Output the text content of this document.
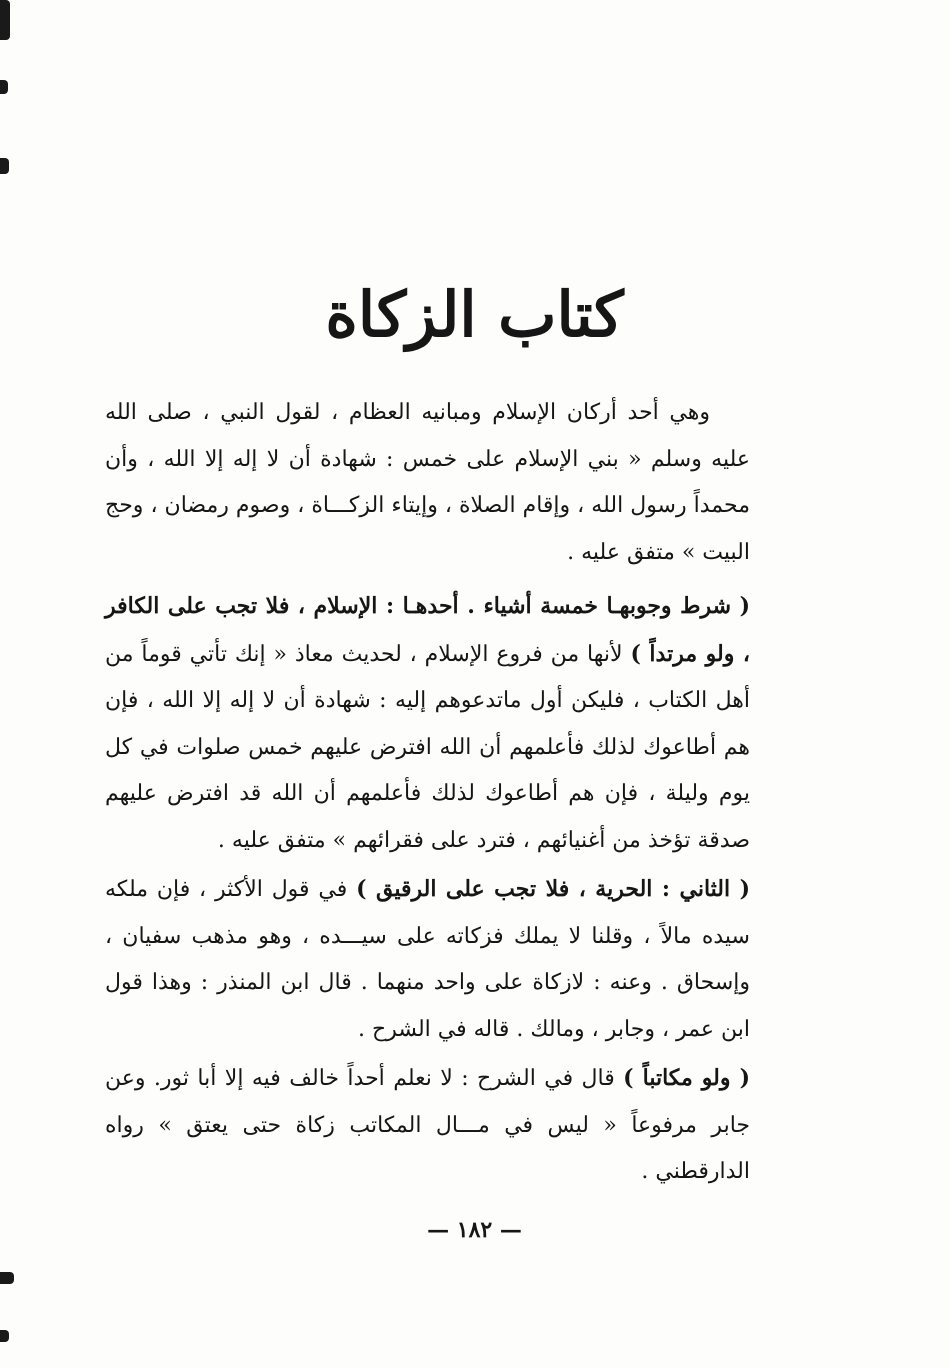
كتاب الزكاة

وهي أحد أركان الإسلام ومبانيه العظام ، لقول النبي ، صلى الله عليه وسلم « بني الإسلام على خمس : شهادة أن لا إله إلا الله ، وأن محمداً رسول الله ، وإقام الصلاة ، وإيتاء الزكـــاة ، وصوم رمضان ، وحج البيت » متفق عليه .

( شرط وجوبهـا خمسة أشياء . أحدهـا : الإسلام ، فلا تجب على الكافر ، ولو مرتداً ) لأنها من فروع الإسلام ، لحديث معاذ « إنك تأتي قوماً من أهل الكتاب ، فليكن أول ماتدعوهم إليه : شهادة أن لا إله إلا الله ، فإن هم أطاعوك لذلك فأعلمهم أن الله افترض عليهم خمس صلوات في كل يوم وليلة ، فإن هم أطاعوك لذلك فأعلمهم أن الله قد افترض عليهم صدقة تؤخذ من أغنيائهم ، فترد على فقرائهم » متفق عليه .

( الثاني : الحرية ، فلا تجب على الرقيق ) في قول الأكثر ، فإن ملكه سيده مالاً ، وقلنا لا يملك فزكاته على سيـــده ، وهو مذهب سفيان ، وإسحاق . وعنه : لازكاة على واحد منهما . قال ابن المنذر : وهذا قول ابن عمر ، وجابر ، ومالك . قاله في الشرح .

( ولو مكاتباً ) قال في الشرح : لا نعلم أحداً خالف فيه إلا أبا ثور. وعن جابر مرفوعاً « ليس في مـــال المكاتب زكاة حتى يعتق » رواه الدارقطني .

— ١٨٢ —
